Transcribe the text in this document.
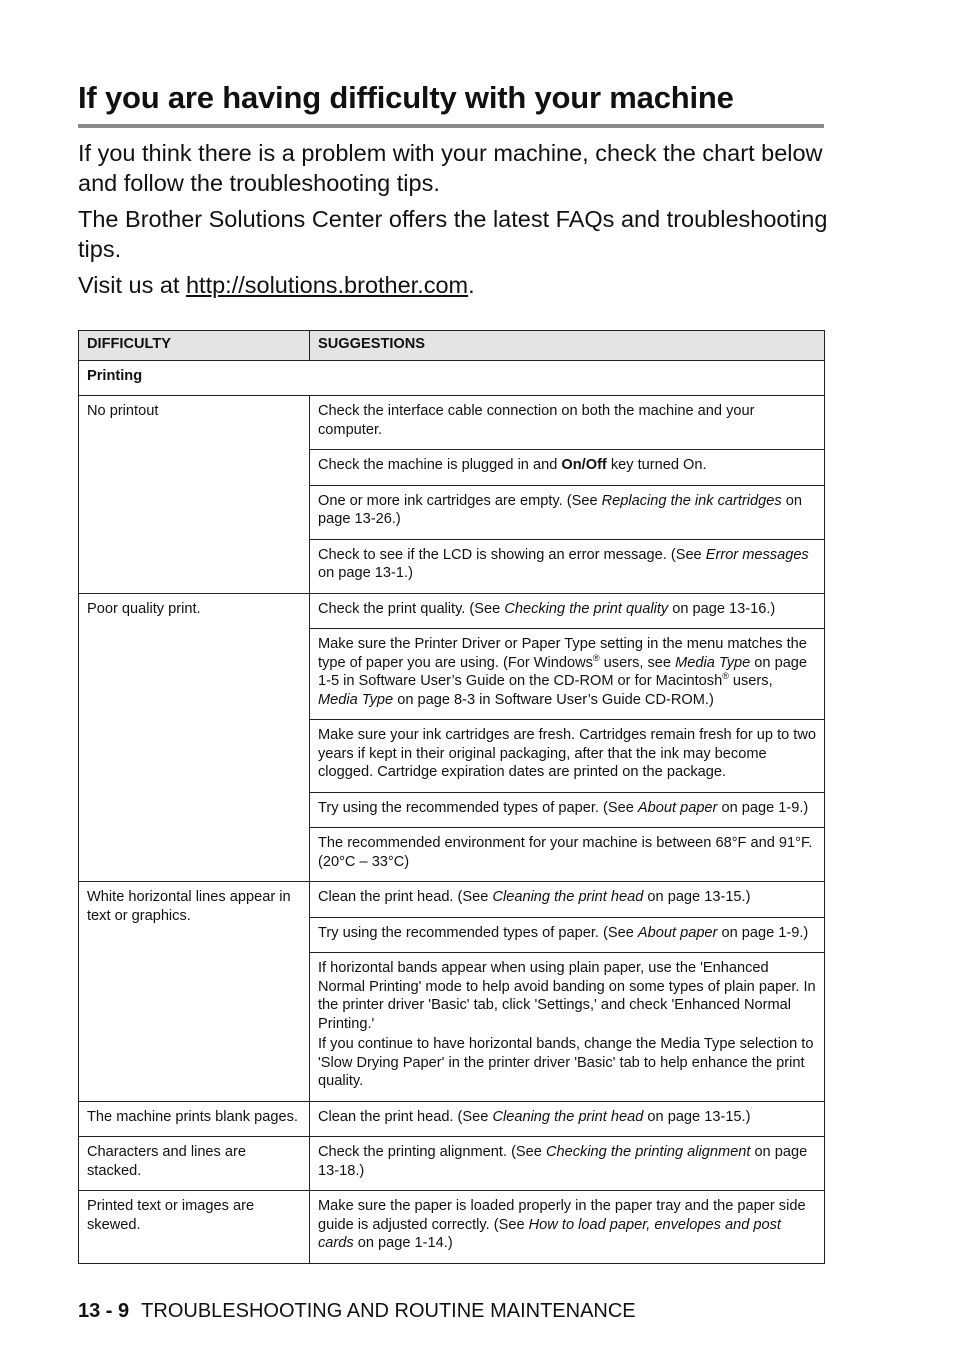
If you are having difficulty with your machine

If you think there is a problem with your machine, check the chart below and follow the troubleshooting tips.

The Brother Solutions Center offers the latest FAQs and troubleshooting tips.

Visit us at http://solutions.brother.com.

DIFFICULTY	SUGGESTIONS
Printing	
No printout	Check the interface cable connection on both the machine and your computer.
	Check the machine is plugged in and On/Off key turned On.
	One or more ink cartridges are empty. (See Replacing the ink cartridges on page 13-26.)
	Check to see if the LCD is showing an error message. (See Error messages on page 13-1.)
Poor quality print.	Check the print quality. (See Checking the print quality on page 13-16.)
	Make sure the Printer Driver or Paper Type setting in the menu matches the type of paper you are using. (For Windows® users, see Media Type on page 1-5 in Software User’s Guide on the CD-ROM or for Macintosh® users, Media Type on page 8-3 in Software User’s Guide CD-ROM.)
	Make sure your ink cartridges are fresh. Cartridges remain fresh for up to two years if kept in their original packaging, after that the ink may become clogged. Cartridge expiration dates are printed on the package.
	Try using the recommended types of paper. (See About paper on page 1-9.)
	The recommended environment for your machine is between 68°F and 91°F. (20°C – 33°C)
White horizontal lines appear in text or graphics.	Clean the print head. (See Cleaning the print head on page 13-15.)
	Try using the recommended types of paper. (See About paper on page 1-9.)
	If horizontal bands appear when using plain paper, use the 'Enhanced Normal Printing' mode to help avoid banding on some types of plain paper. In the printer driver 'Basic' tab, click 'Settings,' and check 'Enhanced Normal Printing.'
If you continue to have horizontal bands, change the Media Type selection to 'Slow Drying Paper' in the printer driver 'Basic' tab to help enhance the print quality.

The machine prints blank pages.	Clean the print head. (See Cleaning the print head on page 13-15.)
Characters and lines are stacked.	Check the printing alignment. (See Checking the printing alignment on page 13-18.)
Printed text or images are skewed.	Make sure the paper is loaded properly in the paper tray and the paper side guide is adjusted correctly. (See How to load paper, envelopes and post cards on page 1-14.)
13 - 9 TROUBLESHOOTING AND ROUTINE MAINTENANCE
